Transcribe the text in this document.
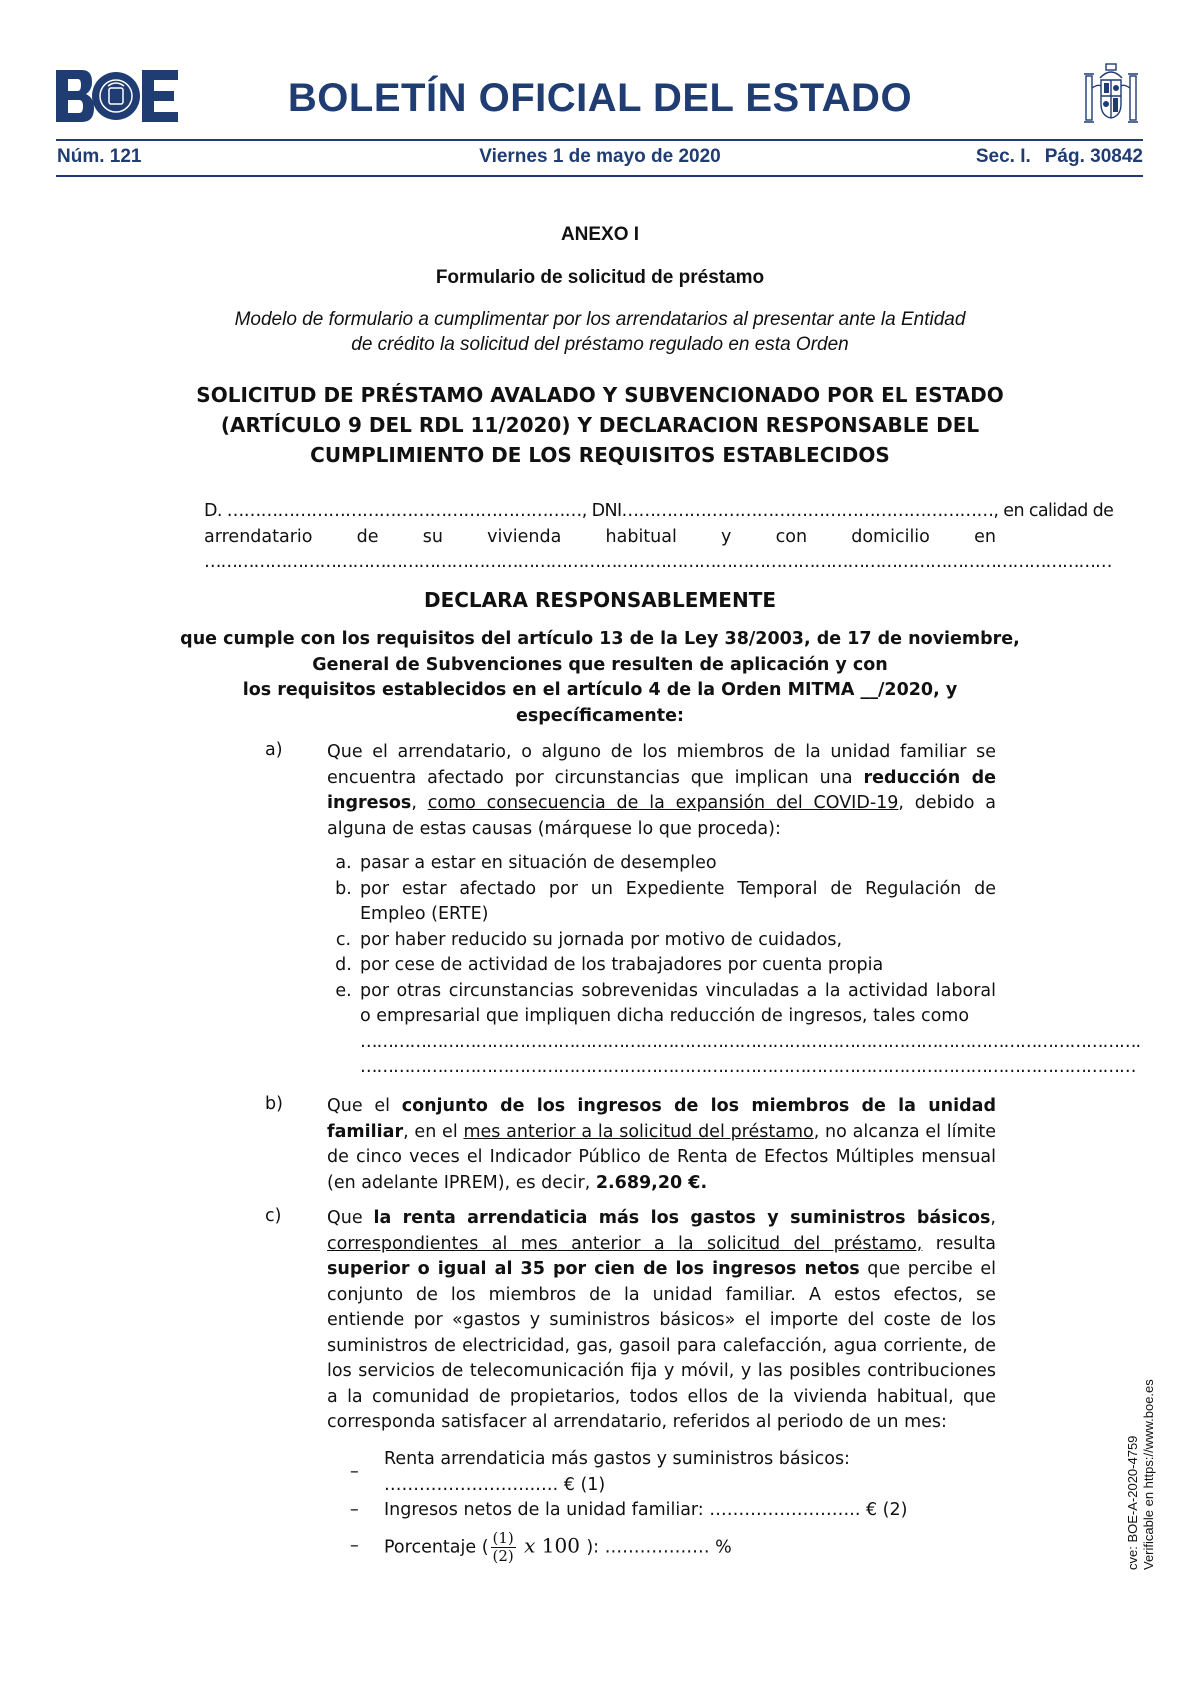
BOLETÍN OFICIAL DEL ESTADO
Núm. 121	Viernes 1 de mayo de 2020	Sec. I. Pág. 30842
ANEXO I
Formulario de solicitud de préstamo
Modelo de formulario a cumplimentar por los arrendatarios al presentar ante la Entidad
de crédito la solicitud del préstamo regulado en esta Orden
SOLICITUD DE PRÉSTAMO AVALADO Y SUBVENCIONADO POR EL ESTADO
(ARTÍCULO 9 DEL RDL 11/2020) Y DECLARACION RESPONSABLE DEL
CUMPLIMIENTO DE LOS REQUISITOS ESTABLECIDOS
D. ………………………………………………………, DNI…………………………………………………………, en calidad de
arrendatario	de	su	vivienda	habitual	y	con	domicilio	en
…………………………………………………………………………………………………………………………………………………
DECLARA RESPONSABLEMENTE
que cumple con los requisitos del artículo 13 de la Ley 38/2003, de 17 de noviembre,
General de Subvenciones que resulten de aplicación y con
los requisitos establecidos en el artículo 4 de la Orden MITMA __/2020, y
específicamente:
a)	Que el arrendatario, o alguno de los miembros de la unidad familiar se encuentra afectado por circunstancias que implican una reducción de ingresos, como consecuencia de la expansión del COVID-19, debido a alguna de estas causas (márquese lo que proceda):
a. pasar a estar en situación de desempleo
b. por estar afectado por un Expediente Temporal de Regulación de Empleo (ERTE)
c. por haber reducido su jornada por motivo de cuidados,
d. por cese de actividad de los trabajadores por cuenta propia
e. por otras circunstancias sobrevenidas vinculadas a la actividad laboral o empresarial que impliquen dicha reducción de ingresos, tales como
…………………………………………………………………………………………………………………………….
……………………………………………………………………………………………………………………………
b)	Que el conjunto de los ingresos de los miembros de la unidad familiar, en el mes anterior a la solicitud del préstamo, no alcanza el límite de cinco veces el Indicador Público de Renta de Efectos Múltiples mensual (en adelante IPREM), es decir, 2.689,20 €.
c)	Que la renta arrendaticia más los gastos y suministros básicos, correspondientes al mes anterior a la solicitud del préstamo, resulta superior o igual al 35 por cien de los ingresos netos que percibe el conjunto de los miembros de la unidad familiar. A estos efectos, se entiende por «gastos y suministros básicos» el importe del coste de los suministros de electricidad, gas, gasoil para calefacción, agua corriente, de los servicios de telecomunicación fija y móvil, y las posibles contribuciones a la comunidad de propietarios, todos ellos de la vivienda habitual, que corresponda satisfacer al arrendatario, referidos al periodo de un mes:
–
Renta arrendaticia más gastos y suministros básicos: ……………………..…. € (1)
–	Ingresos netos de la unidad familiar: …………………….. € (2)
–	Porcentaje ( $\frac{(1)}{(2)}$ x 100 ): ……………… %	cve: BOE-A-2020-4759 Verificable en https://www.boe.es
